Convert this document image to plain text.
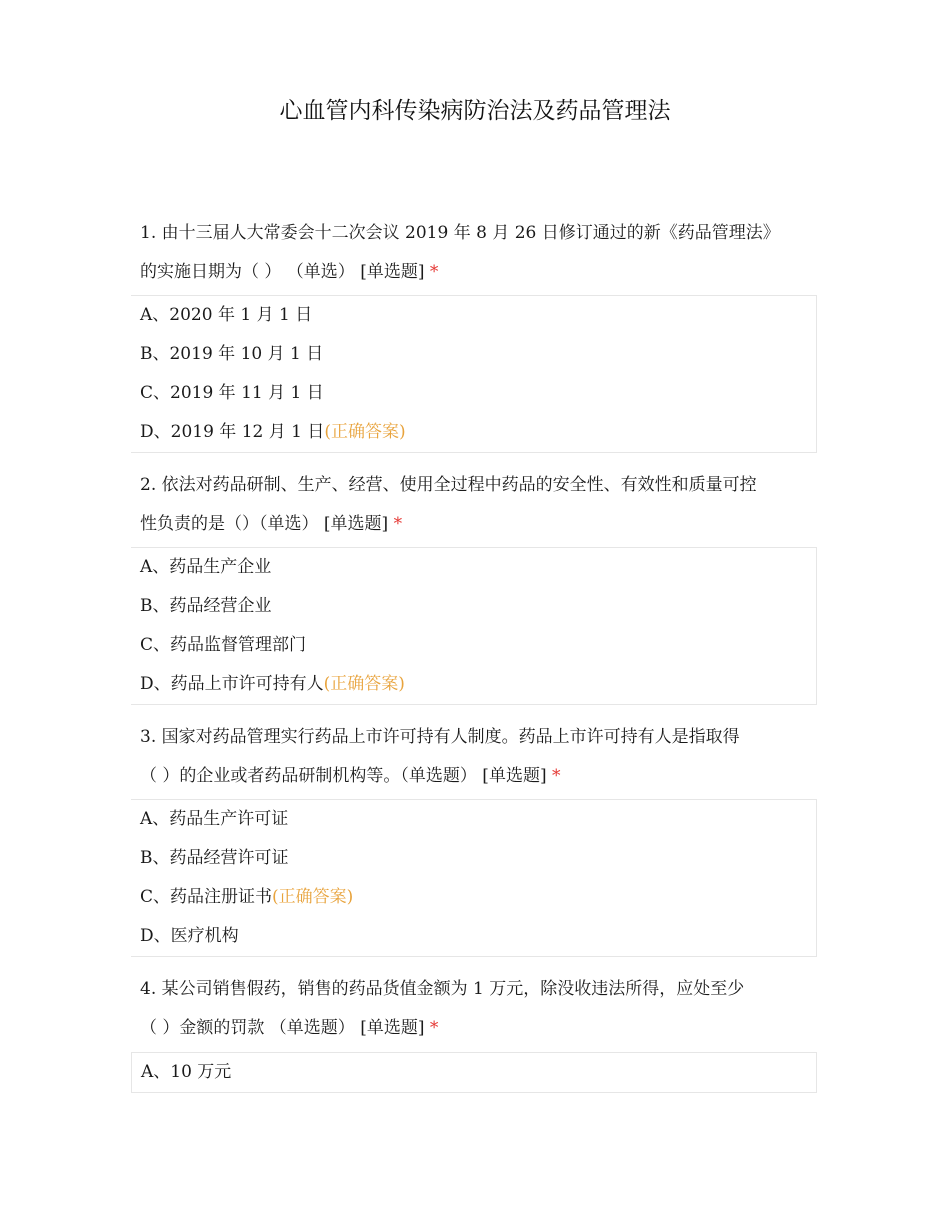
心血管内科传染病防治法及药品管理法
1. 由十三届人大常委会十二次会议 2019 年 8 月 26 日修订通过的新《药品管理法》
的实施日期为（ ） （单选） [单选题] *
A、2020 年 1 月 1 日
B、2019 年 10 月 1 日
C、2019 年 11 月 1 日
D、2019 年 12 月 1 日(正确答案)
2. 依法对药品研制、生产、经营、使用全过程中药品的安全性、有效性和质量可控
性负责的是（）（单选） [单选题] *
A、药品生产企业
B、药品经营企业
C、药品监督管理部门
D、药品上市许可持有人(正确答案)
3. 国家对药品管理实行药品上市许可持有人制度。药品上市许可持有人是指取得
（ ）的企业或者药品研制机构等。（单选题） [单选题] *
A、药品生产许可证
B、药品经营许可证
C、药品注册证书(正确答案)
D、医疗机构
4. 某公司销售假药，销售的药品货值金额为 1 万元，除没收违法所得，应处至少
（ ）金额的罚款 （单选题） [单选题] *
A、10 万元
